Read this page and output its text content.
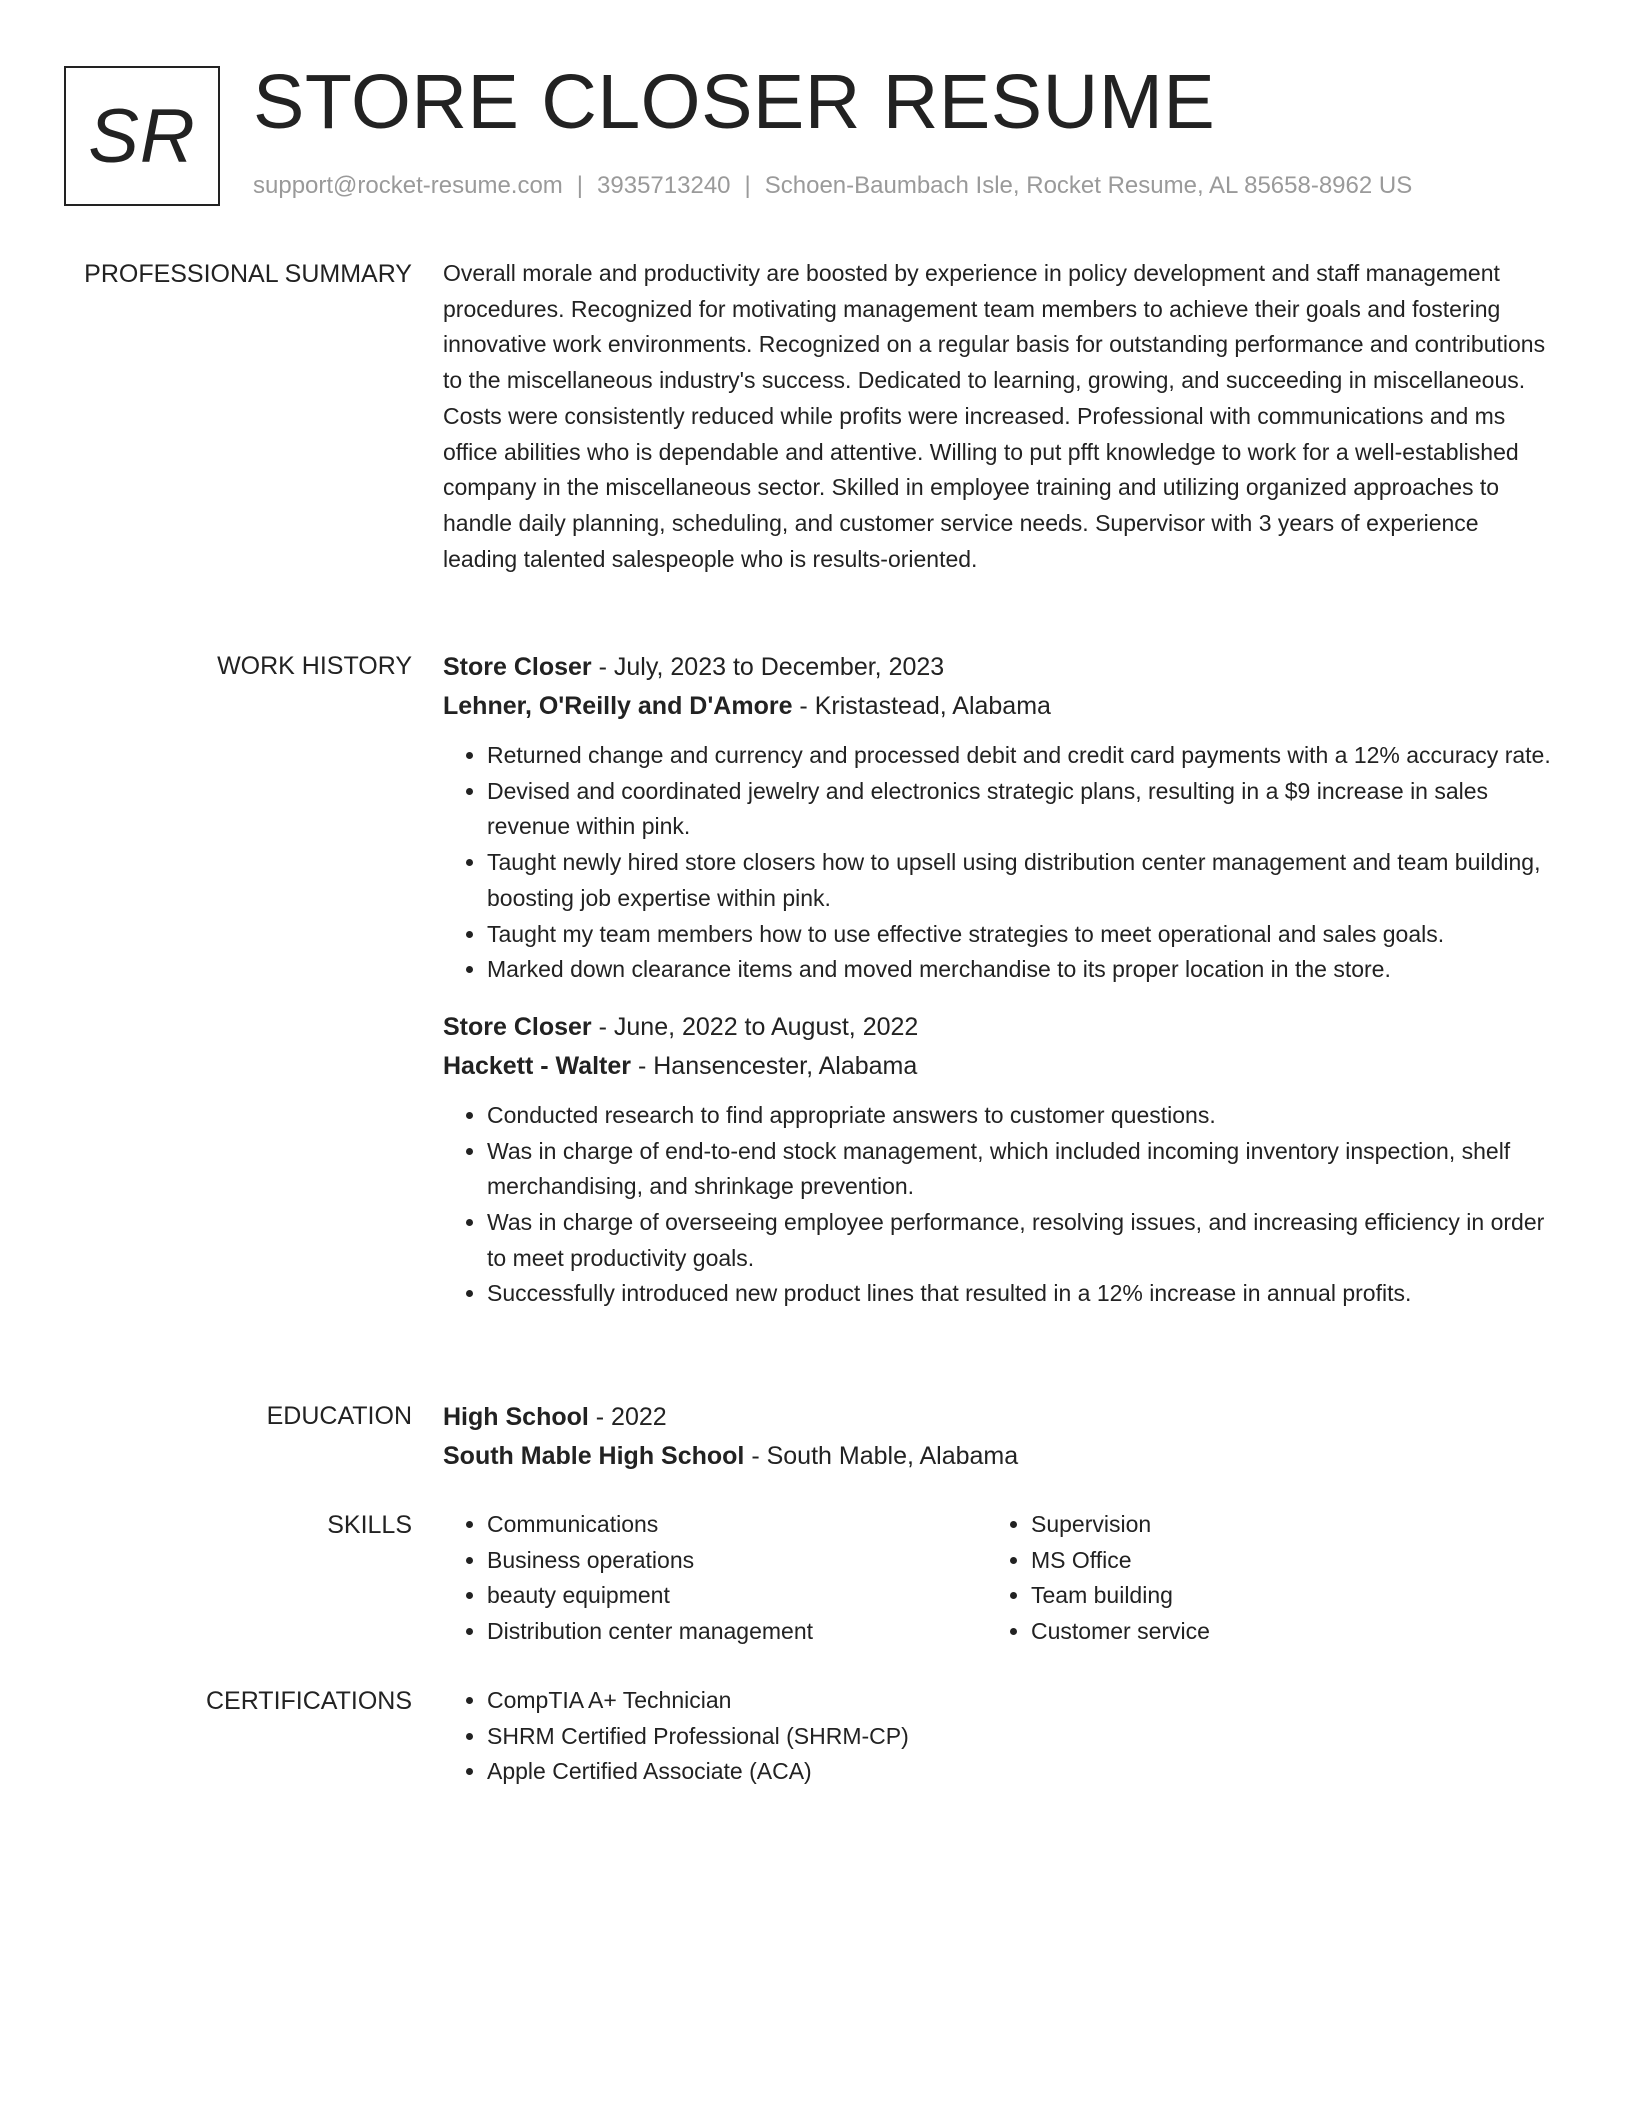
SR STORE CLOSER RESUME
support@rocket-resume.com | 3935713240 | Schoen-Baumbach Isle, Rocket Resume, AL 85658-8962 US
PROFESSIONAL SUMMARY Overall morale and productivity are boosted by experience in policy development and staff management procedures. Recognized for motivating management team members to achieve their goals and fostering innovative work environments. Recognized on a regular basis for outstanding performance and contributions to the miscellaneous industry's success. Dedicated to learning, growing, and succeeding in miscellaneous. Costs were consistently reduced while profits were increased. Professional with communications and ms office abilities who is dependable and attentive. Willing to put pfft knowledge to work for a well-established company in the miscellaneous sector. Skilled in employee training and utilizing organized approaches to handle daily planning, scheduling, and customer service needs. Supervisor with 3 years of experience leading talented salespeople who is results-oriented.

WORK HISTORY Store Closer - July, 2023 to December, 2023
Lehner, O'Reilly and D'Amore - Kristastead, Alabama
• Returned change and currency and processed debit and credit card payments with a 12% accuracy rate.
• Devised and coordinated jewelry and electronics strategic plans, resulting in a $9 increase in sales revenue within pink.
• Taught newly hired store closers how to upsell using distribution center management and team building, boosting job expertise within pink.
• Taught my team members how to use effective strategies to meet operational and sales goals.
• Marked down clearance items and moved merchandise to its proper location in the store.
Store Closer - June, 2022 to August, 2022
Hackett - Walter - Hansencester, Alabama
• Conducted research to find appropriate answers to customer questions.
• Was in charge of end-to-end stock management, which included incoming inventory inspection, shelf merchandising, and shrinkage prevention.
• Was in charge of overseeing employee performance, resolving issues, and increasing efficiency in order to meet productivity goals.
• Successfully introduced new product lines that resulted in a 12% increase in annual profits.
EDUCATION High School - 2022
South Mable High School - South Mable, Alabama
SKILLS	• Communications
• Business operations
• beauty equipment
• Distribution center management
• Supervision
• MS Office
• Team building
• Customer service
CERTIFICATIONS	• CompTIA A+ Technician
• SHRM Certified Professional (SHRM-CP)
• Apple Certified Associate (ACA)
